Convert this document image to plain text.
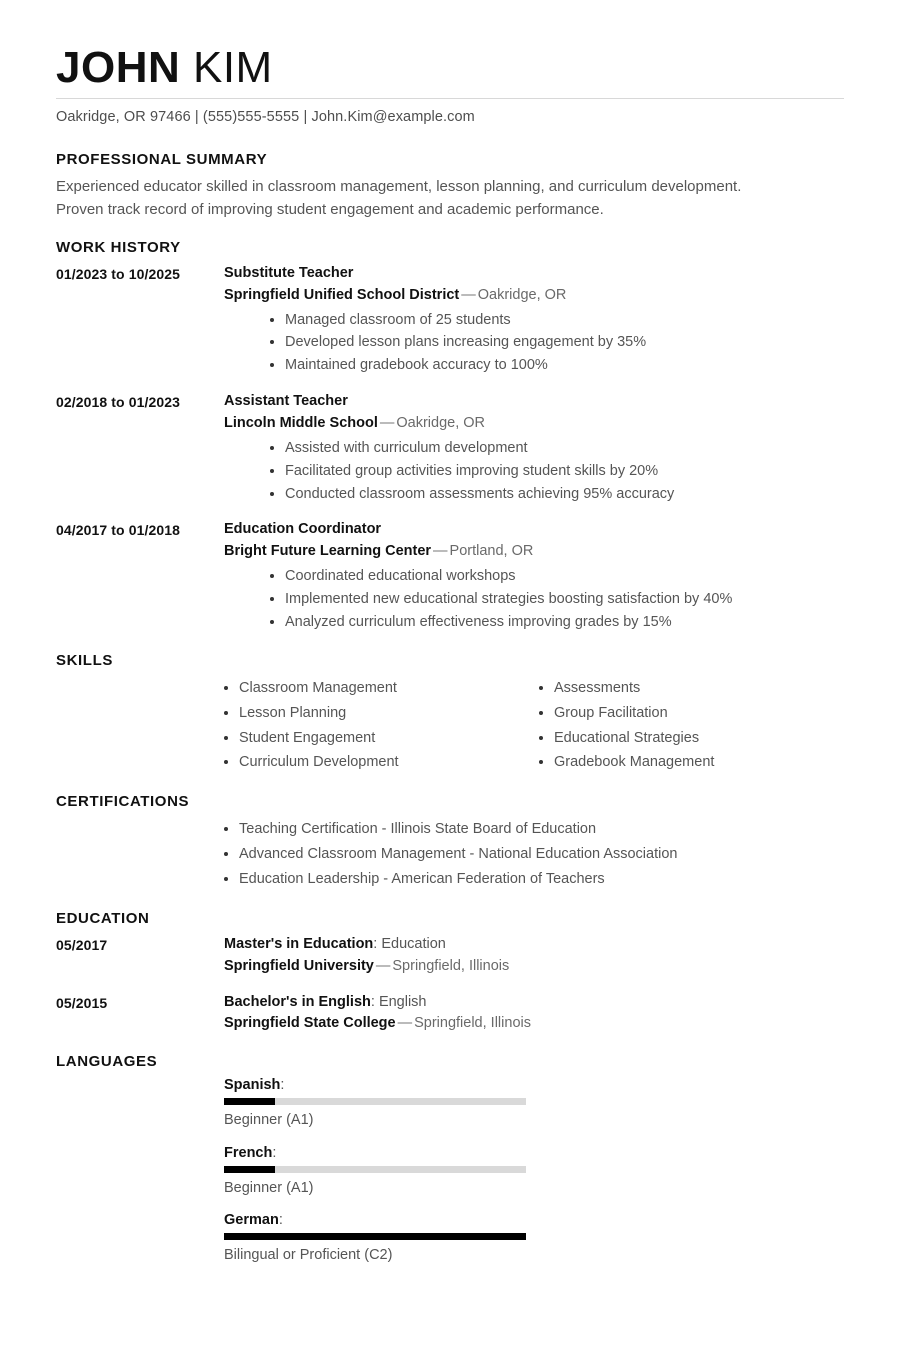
JOHN KIM
Oakridge, OR 97466 | (555)555-5555 | John.Kim@example.com
PROFESSIONAL SUMMARY

Experienced educator skilled in classroom management, lesson planning, and curriculum development. Proven track record of improving student engagement and academic performance.

WORK HISTORY
01/2023 to 10/2025	Substitute Teacher
Springfield Unified School District — Oakridge, OR
Managed classroom of 25 students
Developed lesson plans increasing engagement by 35%
Maintained gradebook accuracy to 100%
02/2018 to 01/2023	Assistant Teacher
Lincoln Middle School — Oakridge, OR
Assisted with curriculum development
Facilitated group activities improving student skills by 20%
Conducted classroom assessments achieving 95% accuracy
04/2017 to 01/2018	Education Coordinator
Bright Future Learning Center — Portland, OR
Coordinated educational workshops
Implemented new educational strategies boosting satisfaction by 40%
Analyzed curriculum effectiveness improving grades by 15%
SKILLS
Classroom Management
Lesson Planning
Student Engagement
Curriculum Development
Assessments
Group Facilitation
Educational Strategies
Gradebook Management
CERTIFICATIONS
Teaching Certification - Illinois State Board of Education
Advanced Classroom Management - National Education Association
Education Leadership - American Federation of Teachers
EDUCATION
05/2017	Master's in Education: Education
Springfield University — Springfield, Illinois
05/2015	Bachelor's in English: English
Springfield State College — Springfield, Illinois
LANGUAGES
Spanish:
Beginner (A1)
French:
Beginner (A1)
German:
Bilingual or Proficient (C2)
